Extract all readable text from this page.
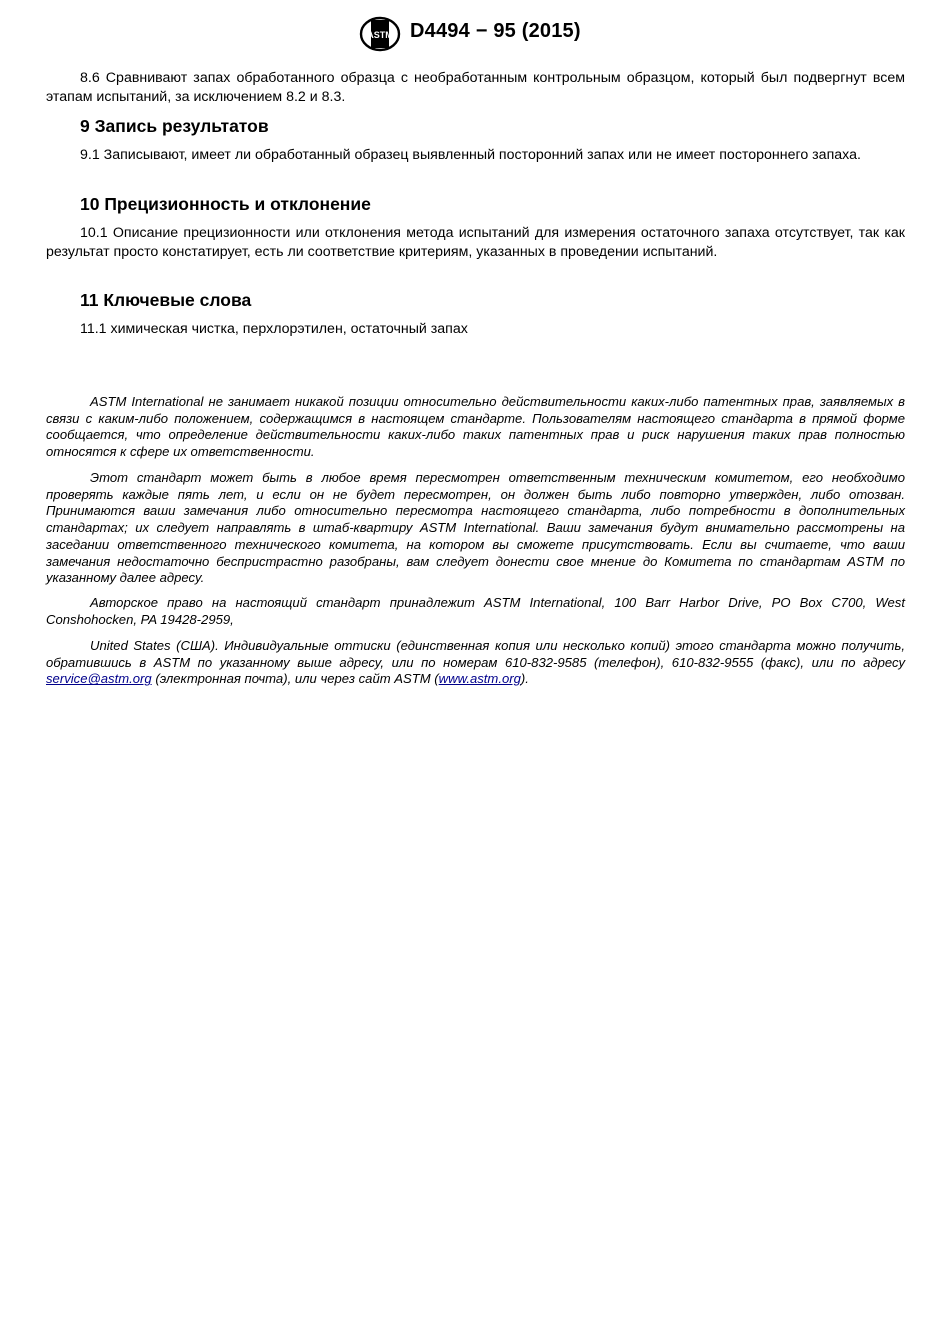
ASTM D4494 − 95 (2015)
8.6 Сравнивают запах обработанного образца с необработанным контрольным образцом, который был подвергнут всем этапам испытаний, за исключением 8.2 и 8.3.
9 Запись результатов
9.1 Записывают, имеет ли обработанный образец выявленный посторонний запах или не имеет постороннего запаха.
10 Прецизионность и отклонение
10.1 Описание прецизионности или отклонения метода испытаний для измерения остаточного запаха отсутствует, так как результат просто констатирует, есть ли соответствие критериям, указанных в проведении испытаний.
11 Ключевые слова
11.1 химическая чистка, перхлорэтилен, остаточный запах
ASTM International не занимает никакой позиции относительно действительности каких-либо патентных прав, заявляемых в связи с каким-либо положением, содержащимся в настоящем стандарте. Пользователям настоящего стандарта в прямой форме сообщается, что определение действительности каких-либо таких патентных прав и риск нарушения таких прав полностью относятся к сфере их ответственности.
Этот стандарт может быть в любое время пересмотрен ответственным техническим комитетом, его необходимо проверять каждые пять лет, и если он не будет пересмотрен, он должен быть либо повторно утвержден, либо отозван. Принимаются ваши замечания либо относительно пересмотра настоящего стандарта, либо потребности в дополнительных стандартах; их следует направлять в штаб-квартиру ASTM International. Ваши замечания будут внимательно рассмотрены на заседании ответственного технического комитета, на котором вы сможете присутствовать. Если вы считаете, что ваши замечания недостаточно беспристрастно разобраны, вам следует донести свое мнение до Комитета по стандартам ASTM по указанному далее адресу.
Авторское право на настоящий стандарт принадлежит ASTM International, 100 Barr Harbor Drive, PO Box C700, West Conshohocken, PA 19428-2959,
United States (США). Индивидуальные оттиски (единственная копия или несколько копий) этого стандарта можно получить, обратившись в ASTM по указанному выше адресу, или по номерам 610-832-9585 (телефон), 610-832-9555 (факс), или по адресу service@astm.org (электронная почта), или через сайт ASTM (www.astm.org).
